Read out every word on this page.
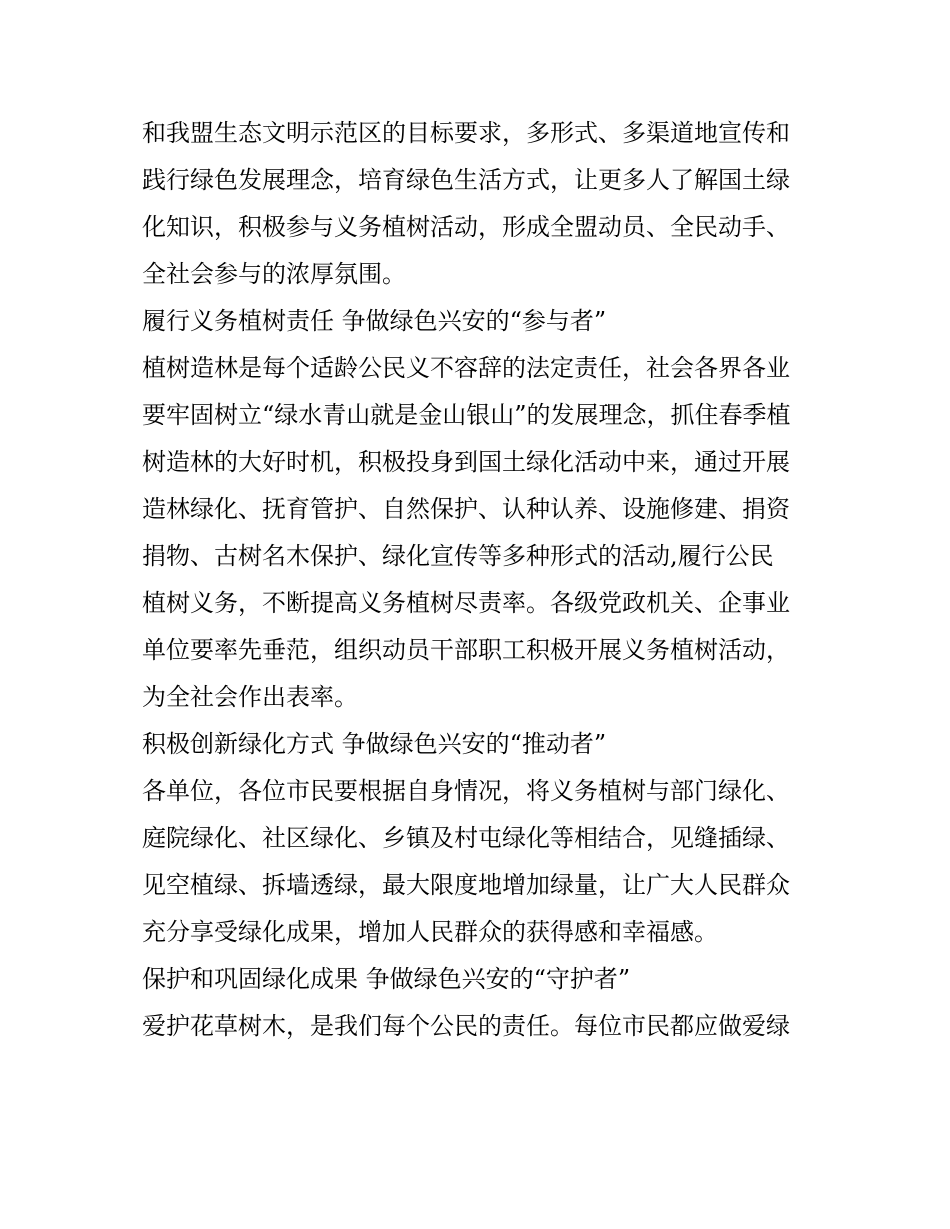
和我盟生态文明示范区的目标要求，多形式、多渠道地宣传和

践行绿色发展理念，培育绿色生活方式，让更多人了解国土绿

化知识，积极参与义务植树活动，形成全盟动员、全民动手、

全社会参与的浓厚氛围。

履行义务植树责任 争做绿色兴安的“参与者”

植树造林是每个适龄公民义不容辞的法定责任，社会各界各业

要牢固树立“绿水青山就是金山银山”的发展理念，抓住春季植

树造林的大好时机，积极投身到国土绿化活动中来，通过开展

造林绿化、抚育管护、自然保护、认种认养、设施修建、捐资

捐物、古树名木保护、绿化宣传等多种形式的活动,履行公民

植树义务，不断提高义务植树尽责率。各级党政机关、企事业

单位要率先垂范，组织动员干部职工积极开展义务植树活动，

为全社会作出表率。

积极创新绿化方式 争做绿色兴安的“推动者”

各单位，各位市民要根据自身情况，将义务植树与部门绿化、

庭院绿化、社区绿化、乡镇及村屯绿化等相结合，见缝插绿、

见空植绿、拆墙透绿，最大限度地增加绿量，让广大人民群众

充分享受绿化成果，增加人民群众的获得感和幸福感。

保护和巩固绿化成果 争做绿色兴安的“守护者”

爱护花草树木，是我们每个公民的责任。每位市民都应做爱绿
